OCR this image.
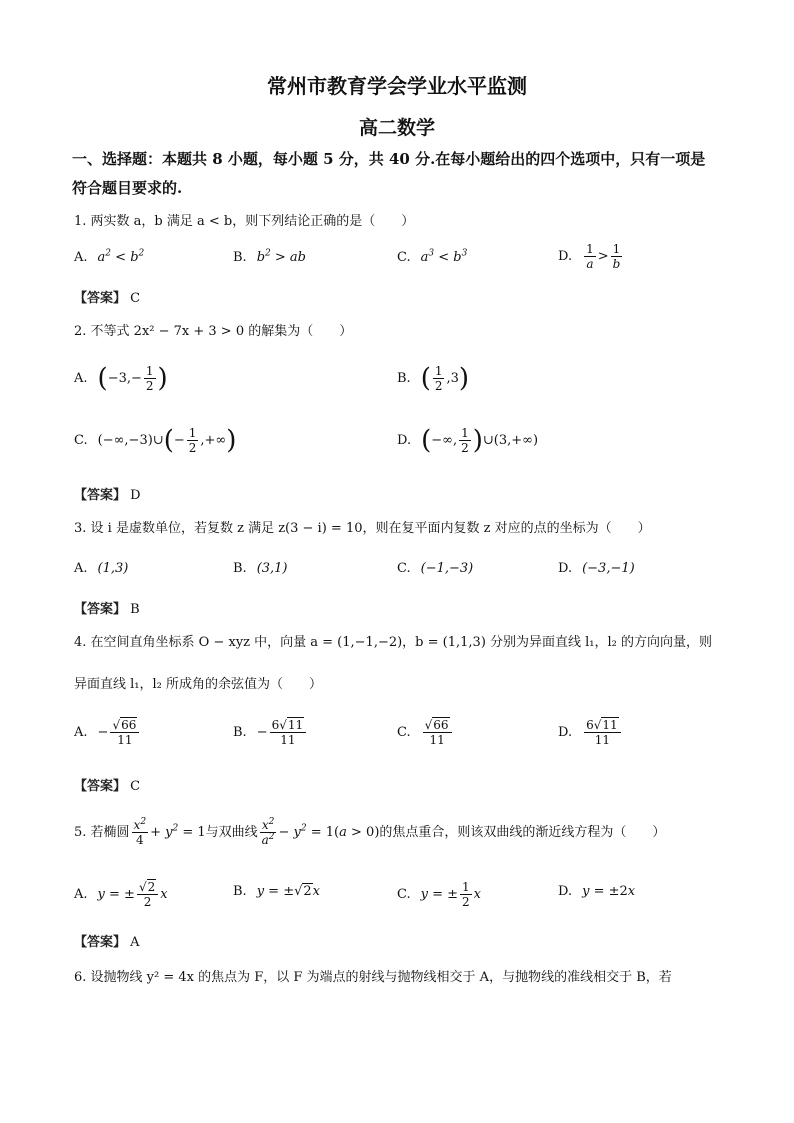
常州市教育学会学业水平监测
高二数学
一、选择题：本题共 8 小题，每小题 5 分，共 40 分.在每小题给出的四个选项中，只有一项是
符合题目要求的.
1. 两实数 a，b 满足 a < b，则下列结论正确的是（　　）
A. $a^2 < b^2$	B. $b^2$ > ab	C. $a^3 < b^3$	D. $\frac{1}{a} > \frac{1}{b}$
【答案】 C
2. 不等式 2x² − 7x + 3 > 0 的解集为（　　）
A. ($-3,- \frac{1}{2}$ )	B. ( $\frac{1}{2} ,3$)
C. (−∞,−3)∪(− $\frac{1}{2}$ ,+∞)	D. (−∞, $\frac{1}{2}$ )∪(3,+∞)
【答案】 D
3. 设 i 是虚数单位，若复数 z 满足 z(3 − i) = 10，则在复平面内复数 z 对应的点的坐标为（　　）
A. (1,3)	B. (3,1)	C. (−1,−3)	D. (−3,−1)
【答案】 B
4. 在空间直角坐标系 O − xyz 中，向量 a = (1,−1,−2)，b = (1,1,3) 分别为异面直线 l₁，l₂ 的方向向量，则
异面直线 l₁，l₂ 所成角的余弦值为（　　）
A. − $\frac{√66}{11}$	B. − $\frac{6√11}{11}$	C. $\frac{√66}{11}$	D. $\frac{6√11}{11}$
【答案】 C
5. 若椭圆 $\frac{x^2}{4} + y^2 = 1$ 与双曲线 $\frac{x^2}{a^2} - y^2 = 1(a > 0)$ 的焦点重合，则该双曲线的渐近线方程为（　　）
A. y = ± $\frac{√2}{2}$ x	B. y = ±√2x	C. y = ± $\frac{1}{2}$ x	D. y = ±2x
【答案】 A
6. 设抛物线 y² = 4x 的焦点为 F，以 F 为端点的射线与抛物线相交于 A，与抛物线的准线相交于 B，若
